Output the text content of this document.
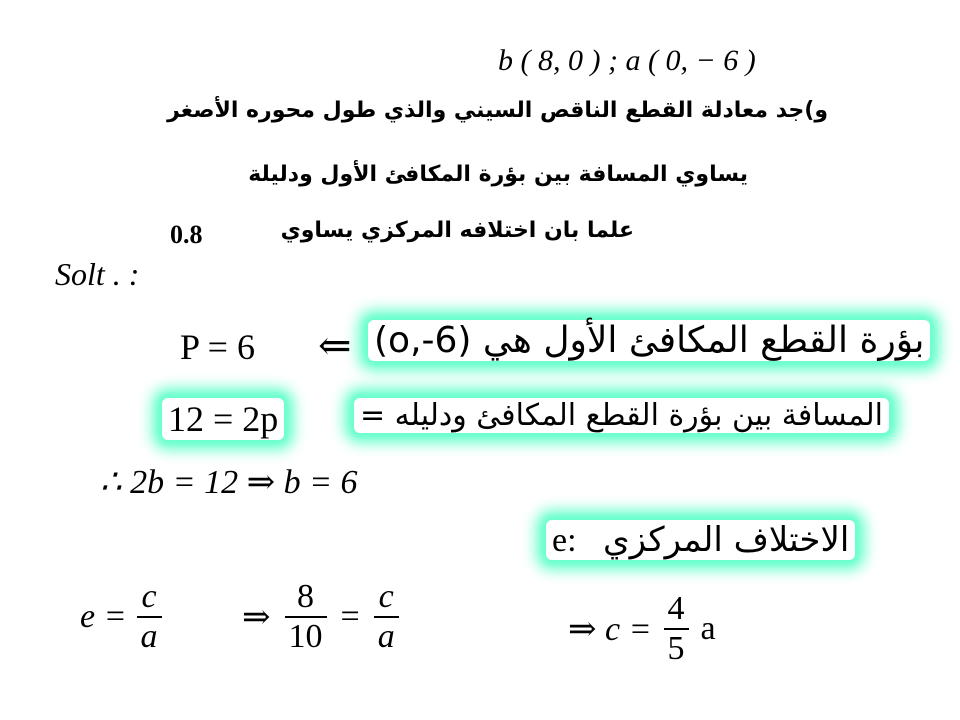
b ( 8, 0 ) ; a ( 0, − 6 )
و)جد معادلة القطع الناقص السيني والذي طول محوره الأصغر
يساوي المسافة بين بؤرة المكافئ الأول ودليلة
علما بان اختلافه المركزي يساوي
0.8
Solt . :
P = 6 ⇐ بؤرة القطع المكافئ الأول هي (o,-6)
12 = 2p	المسافة بين بؤرة القطع المكافئ ودليله =
∴ 2b = 12 ⇒ b = 6
e: الاختلاف المركزي
$e = \frac{c}{a}$ ⇒ $\frac{8}{10} = \frac{c}{a}$	⇒ $c = \frac{4}{5}$ a
